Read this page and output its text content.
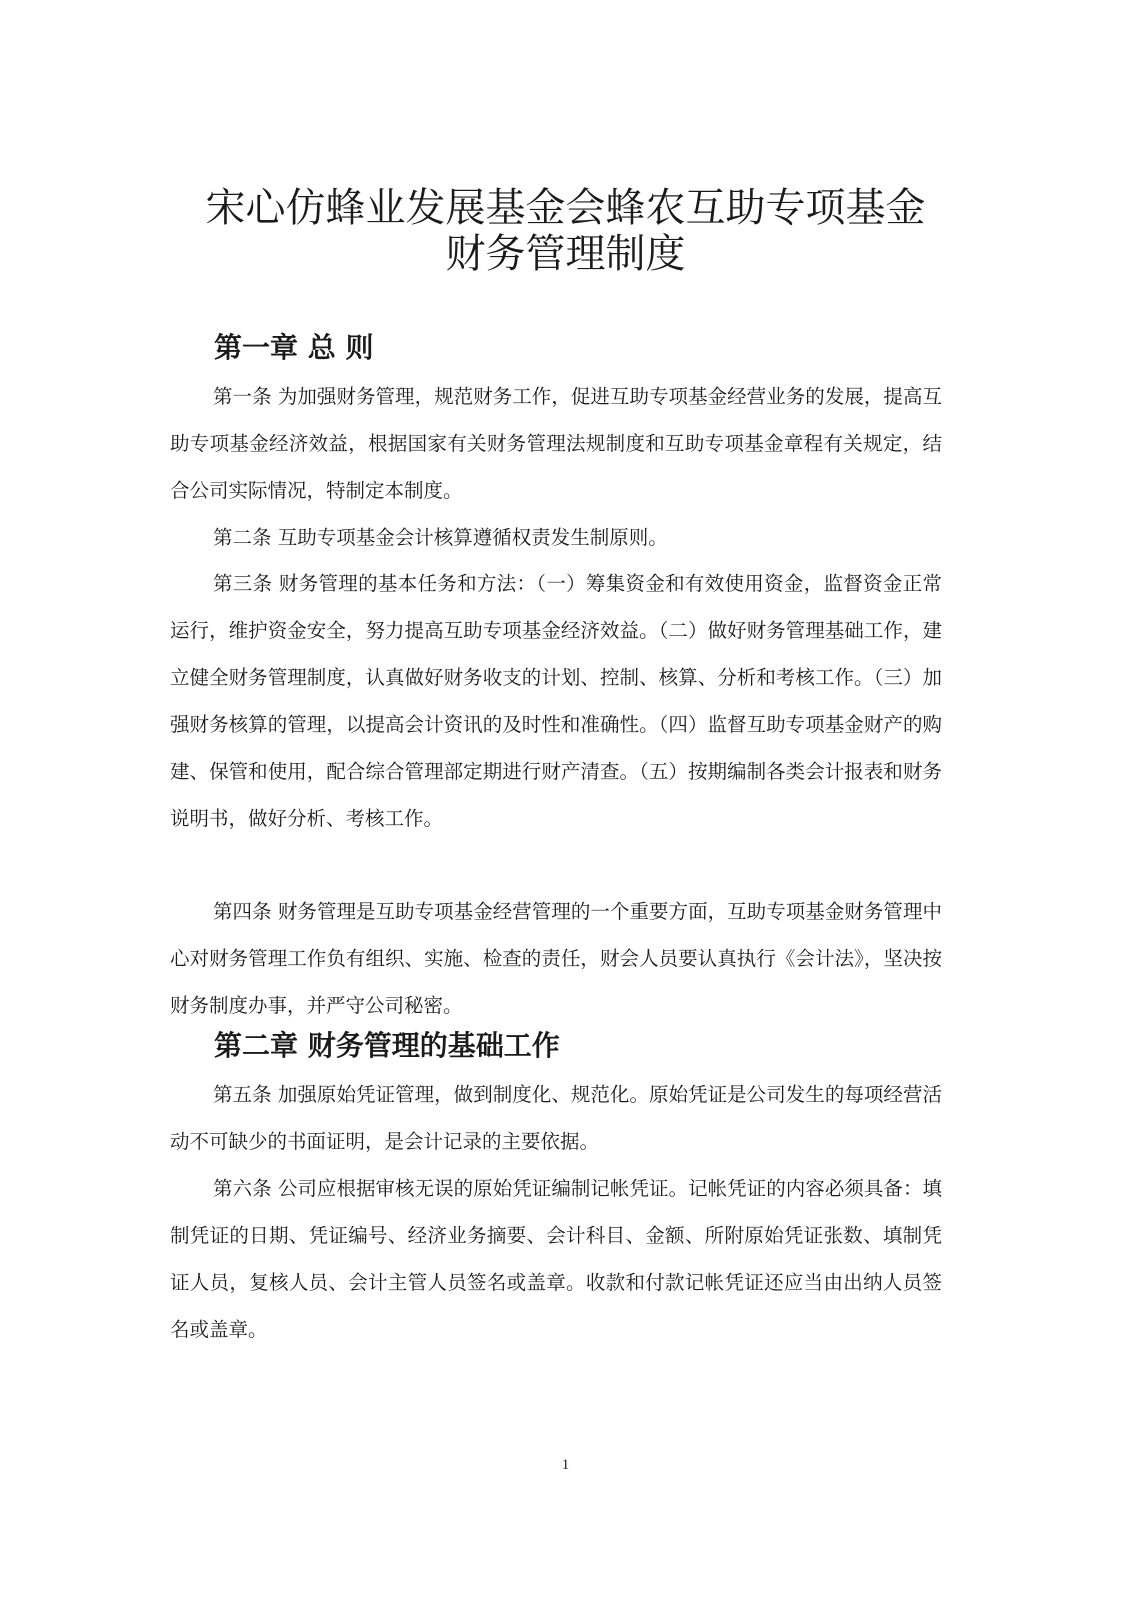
宋心仿蜂业发展基金会蜂农互助专项基金
财务管理制度
第一章 总 则

第一条 为加强财务管理，规范财务工作，促进互助专项基金经营业务的发展，提高互助专项基金经济效益，根据国家有关财务管理法规制度和互助专项基金章程有关规定，结合公司实际情况，特制定本制度。

第二条 互助专项基金会计核算遵循权责发生制原则。

第三条 财务管理的基本任务和方法：（一）筹集资金和有效使用资金，监督资金正常运行，维护资金安全，努力提高互助专项基金经济效益。（二）做好财务管理基础工作，建立健全财务管理制度，认真做好财务收支的计划、控制、核算、分析和考核工作。（三）加强财务核算的管理，以提高会计资讯的及时性和准确性。（四）监督互助专项基金财产的购建、保管和使用，配合综合管理部定期进行财产清查。（五）按期编制各类会计报表和财务说明书，做好分析、考核工作。

第四条 财务管理是互助专项基金经营管理的一个重要方面，互助专项基金财务管理中心对财务管理工作负有组织、实施、检查的责任，财会人员要认真执行《会计法》，坚决按财务制度办事，并严守公司秘密。

第二章 财务管理的基础工作

第五条 加强原始凭证管理，做到制度化、规范化。原始凭证是公司发生的每项经营活动不可缺少的书面证明，是会计记录的主要依据。

第六条 公司应根据审核无误的原始凭证编制记帐凭证。记帐凭证的内容必须具备：填制凭证的日期、凭证编号、经济业务摘要、会计科目、金额、所附原始凭证张数、填制凭证人员，复核人员、会计主管人员签名或盖章。收款和付款记帐凭证还应当由出纳人员签名或盖章。

1
